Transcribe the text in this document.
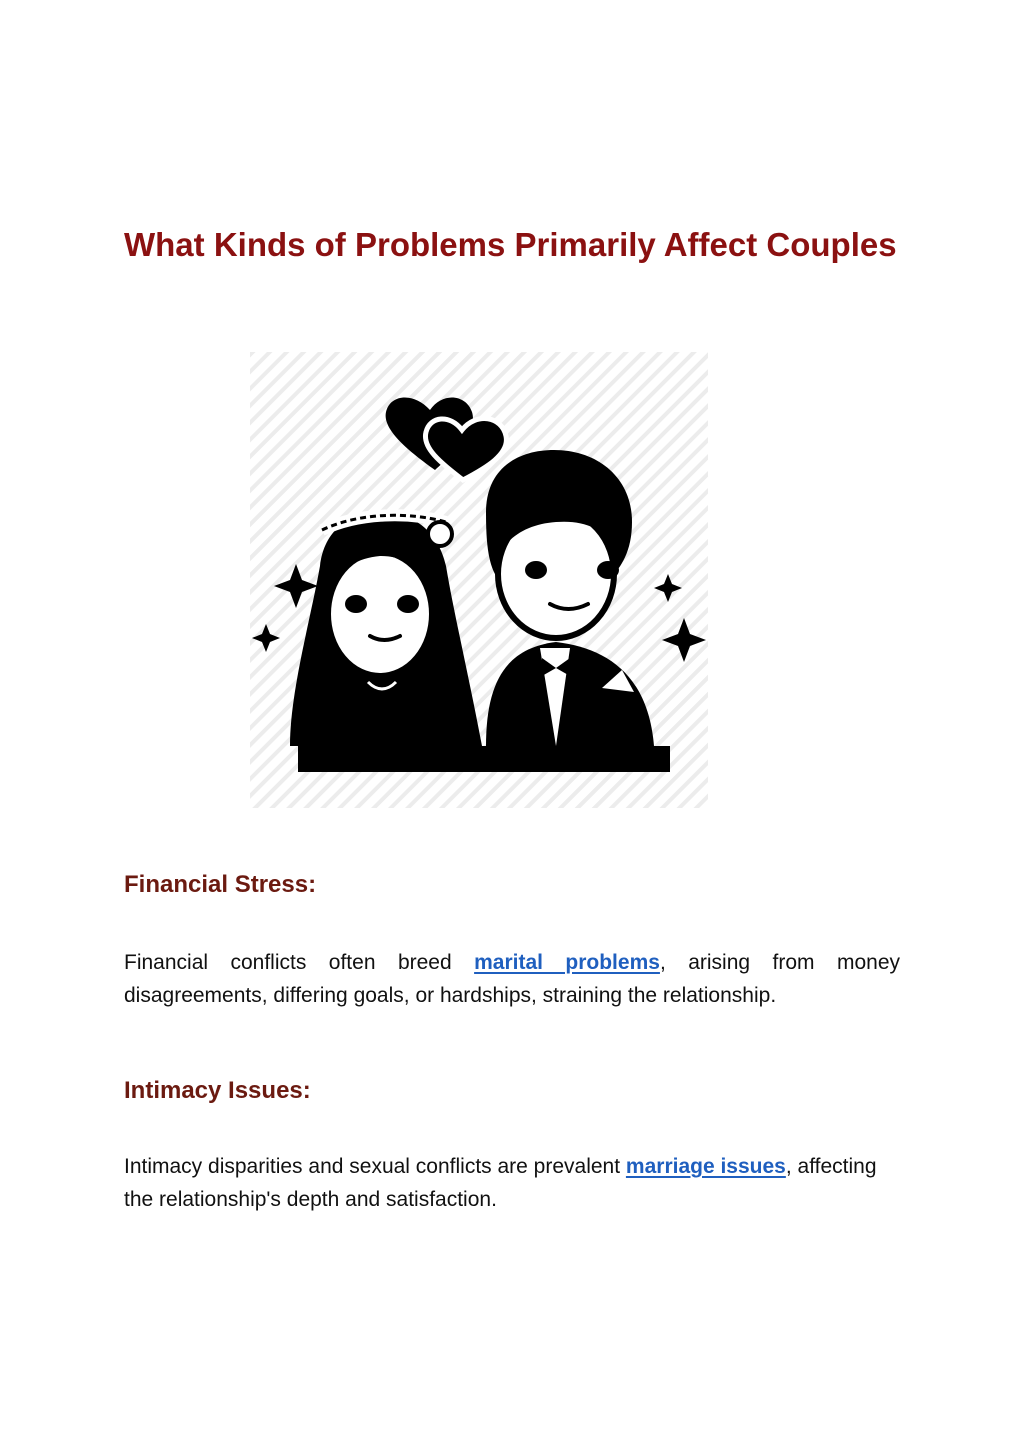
What Kinds of Problems Primarily Affect Couples
Financial Stress:

Financial conflicts often breed marital problems, arising from money disagreements, differing goals, or hardships, straining the relationship.

Intimacy Issues:

Intimacy disparities and sexual conflicts are prevalent marriage issues, affecting the relationship's depth and satisfaction.
